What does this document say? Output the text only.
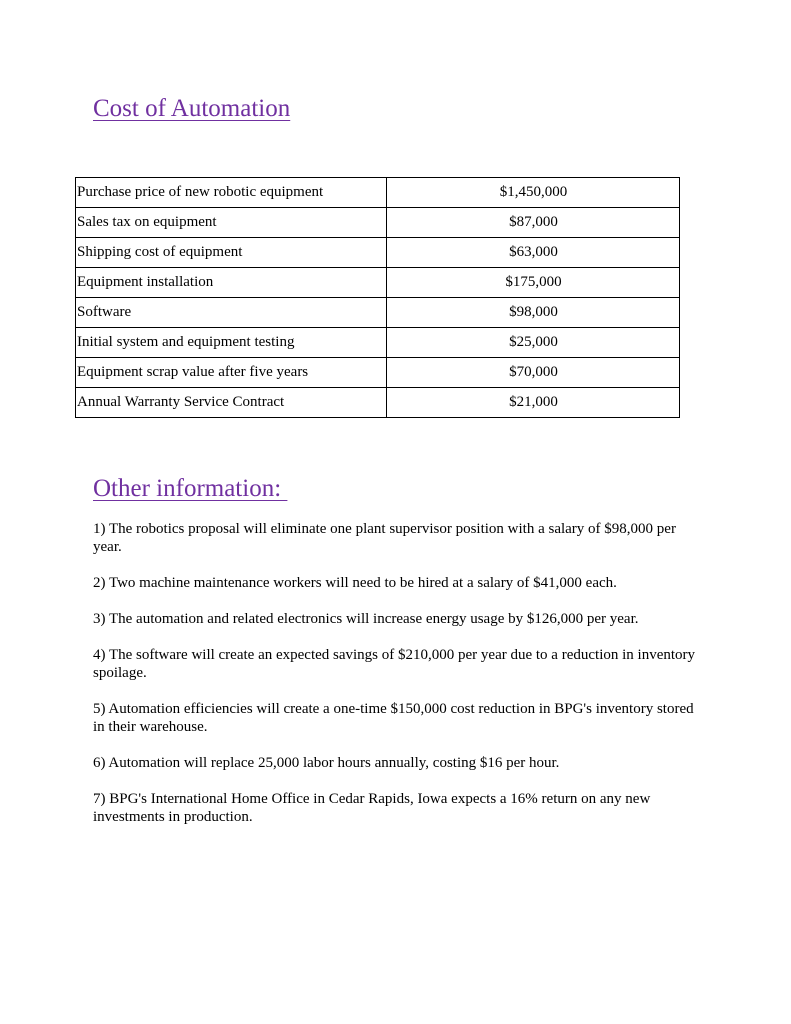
Cost of Automation
Purchase price of new robotic equipment	$1,450,000
Sales tax on equipment	$87,000
Shipping cost of equipment	$63,000
Equipment installation	$175,000
Software	$98,000
Initial system and equipment testing	$25,000
Equipment scrap value after five years	$70,000
Annual Warranty Service Contract	$21,000
Other information:

1) The robotics proposal will eliminate one plant supervisor position with a salary of $98,000 per year.

2) Two machine maintenance workers will need to be hired at a salary of $41,000 each.

3) The automation and related electronics will increase energy usage by $126,000 per year.

4) The software will create an expected savings of $210,000 per year due to a reduction in inventory spoilage.

5) Automation efficiencies will create a one-time $150,000 cost reduction in BPG's inventory stored in their warehouse.

6) Automation will replace 25,000 labor hours annually, costing $16 per hour.

7) BPG's International Home Office in Cedar Rapids, Iowa expects a 16% return on any new investments in production.
